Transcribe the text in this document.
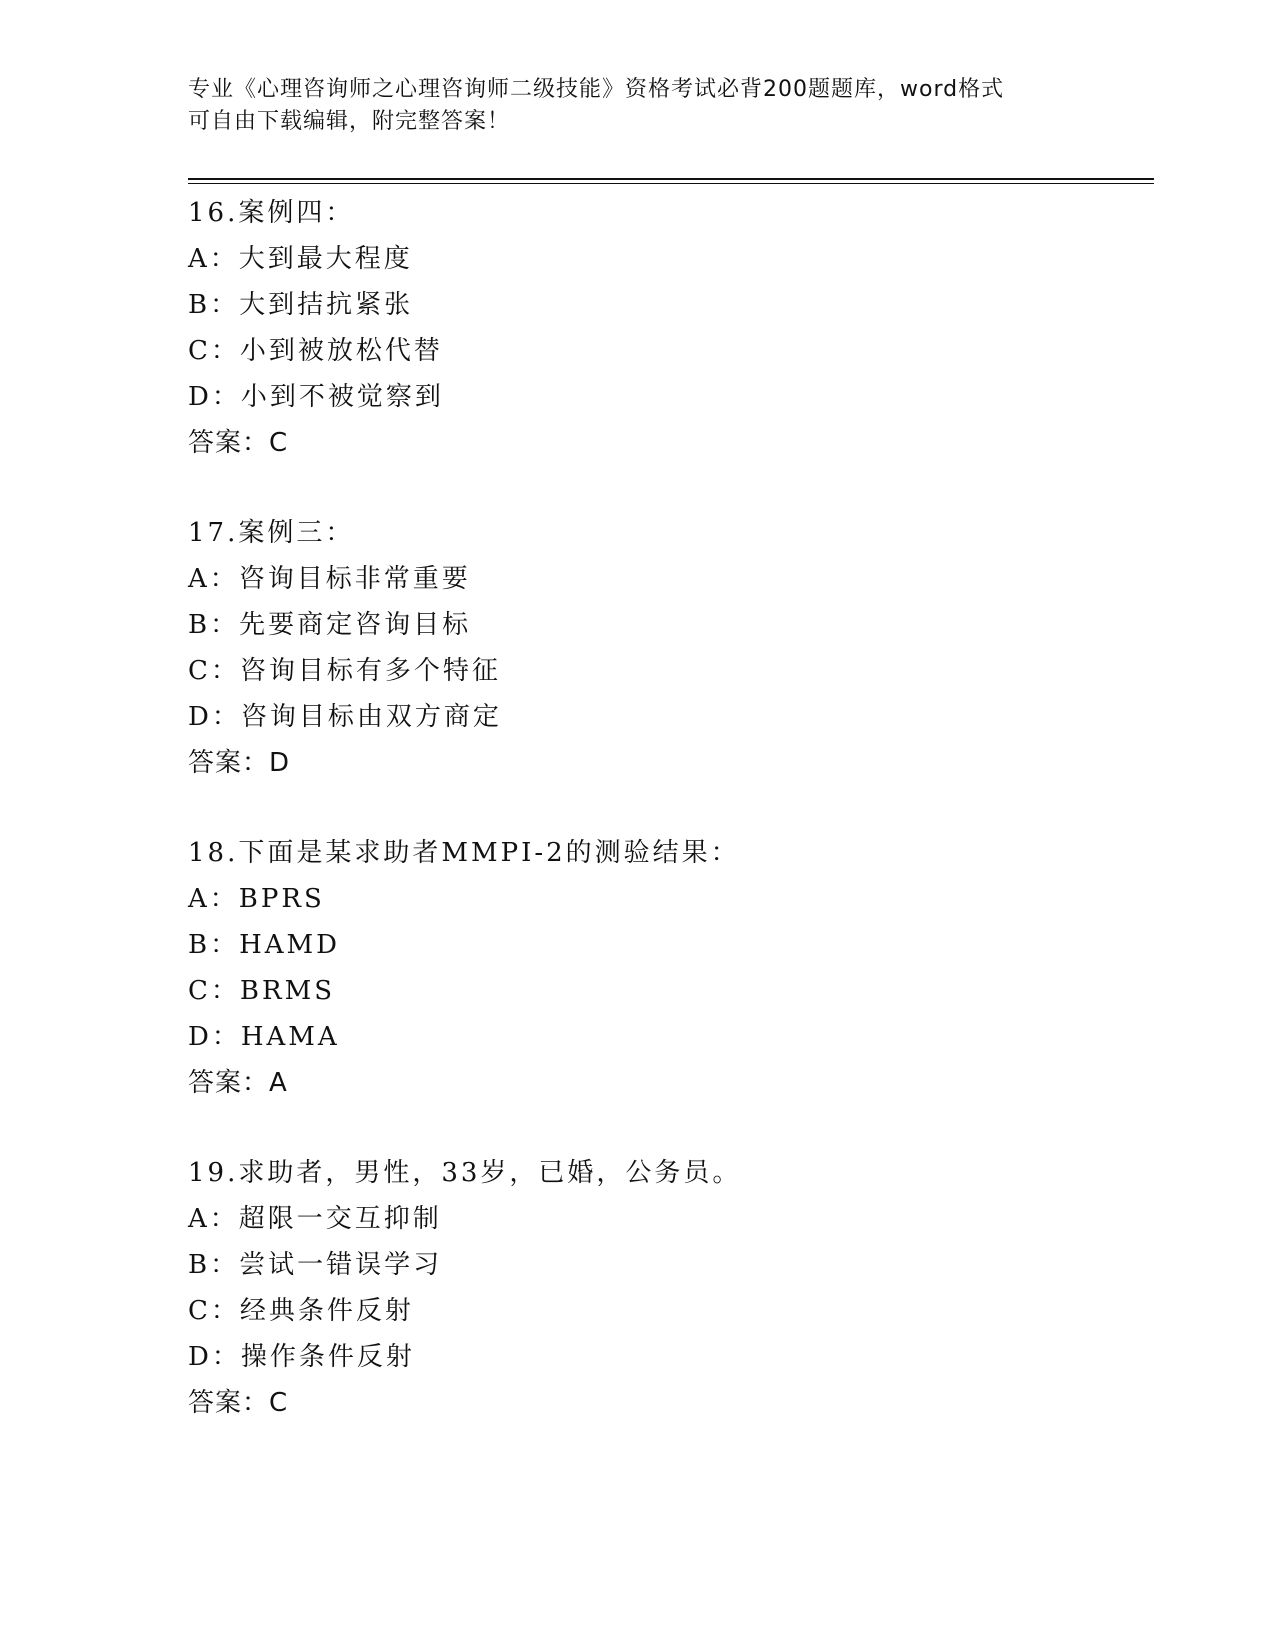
专业《心理咨询师之心理咨询师二级技能》资格考试必背200题题库，word格式
可自由下载编辑，附完整答案！
16.案例四：
A：大到最大程度
B：大到拮抗紧张
C：小到被放松代替
D：小到不被觉察到
答案：C
17.案例三：
A：咨询目标非常重要
B：先要商定咨询目标
C：咨询目标有多个特征
D：咨询目标由双方商定
答案：D
18.下面是某求助者MMPI-2的测验结果：
A：BPRS
B：HAMD
C：BRMS
D：HAMA
答案：A
19.求助者，男性，33岁，已婚，公务员。
A：超限一交互抑制
B：尝试一错误学习
C：经典条件反射
D：操作条件反射
答案：C
